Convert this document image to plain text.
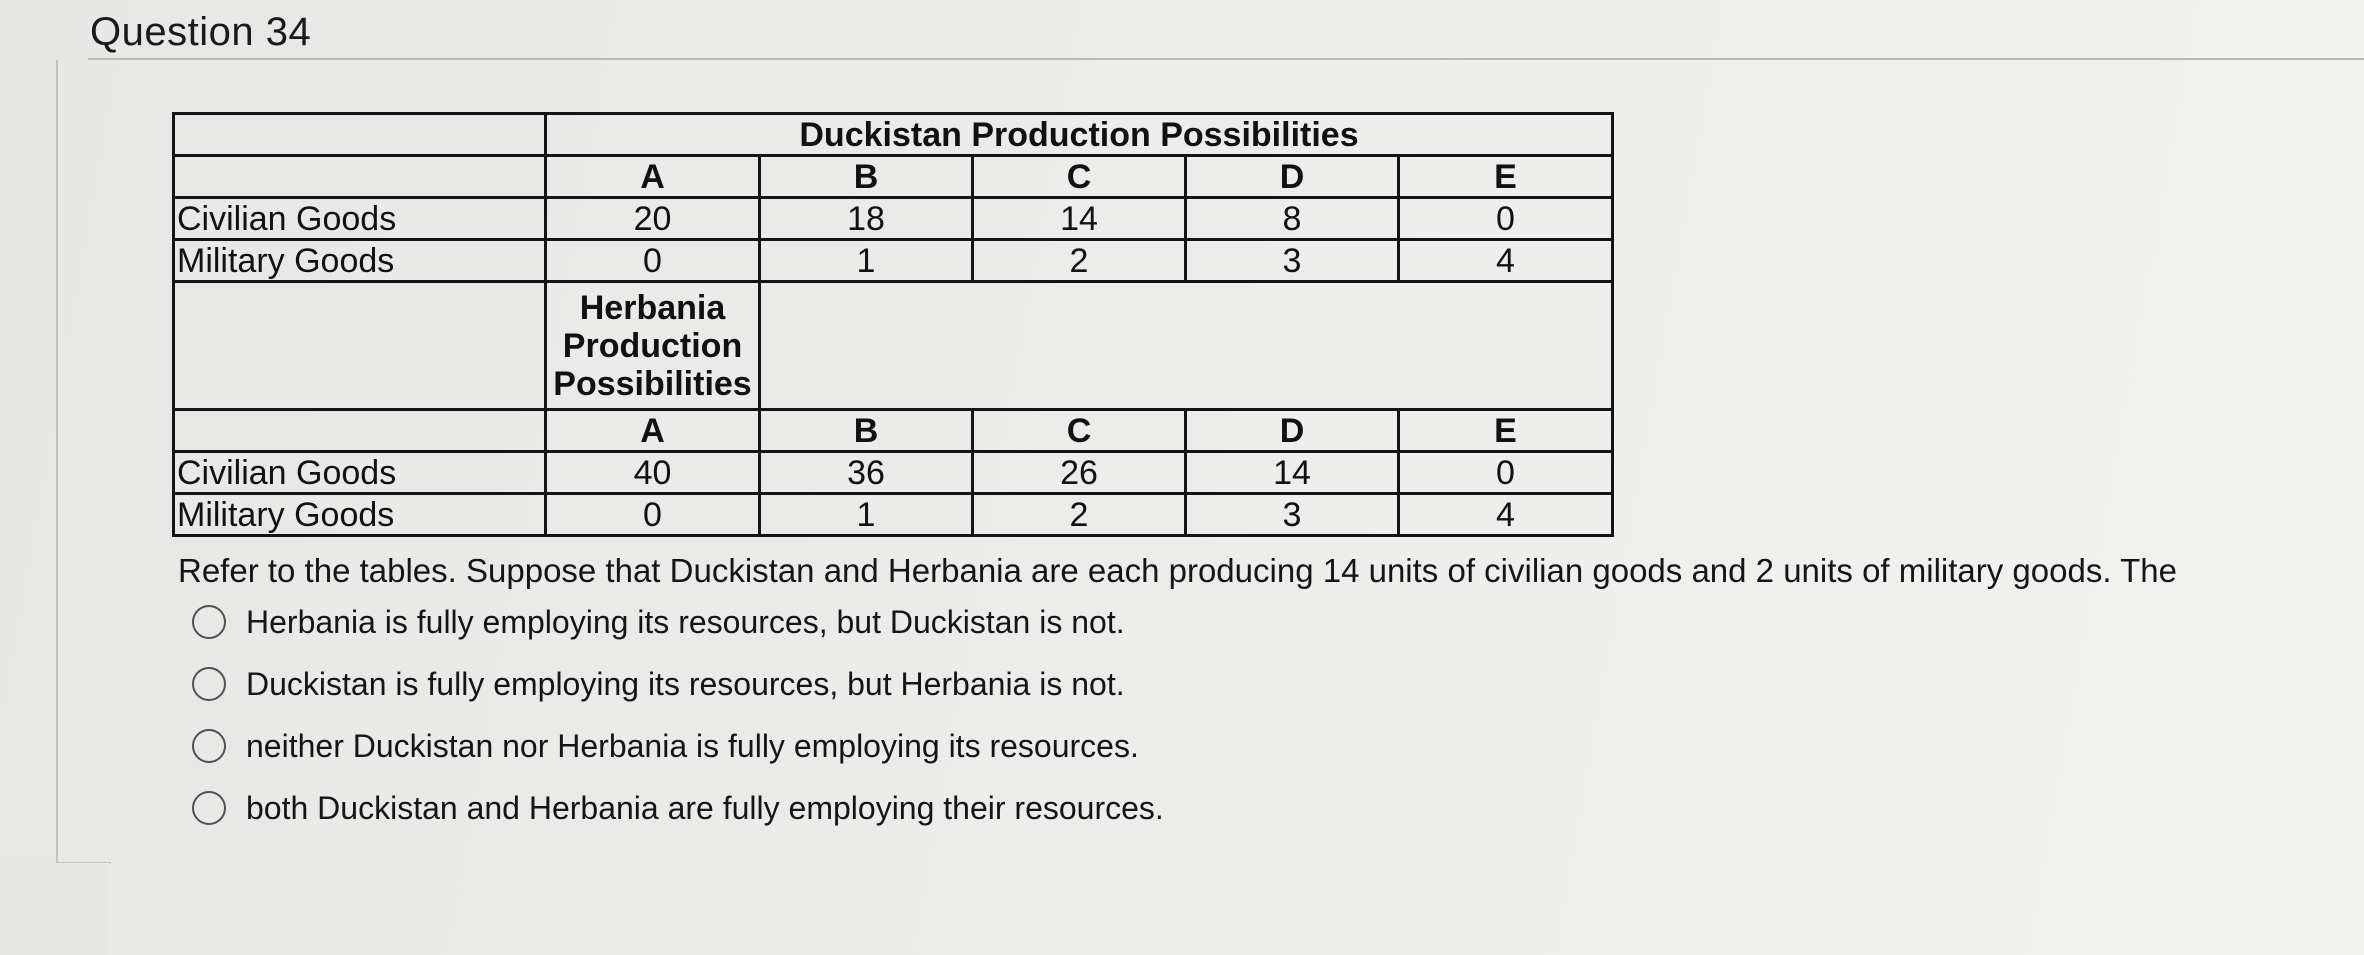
Question 34
	Duckistan Production Possibilities				
	A	B	C	D	E
Civilian Goods	20	18	14	8	0
Military Goods	0	1	2	3	4

	Herbania
Production
Possibilities				

	A	B	C	D	E
Civilian Goods	40	36	26	14	0
Military Goods	0	1	2	3	4
Refer to the tables. Suppose that Duckistan and Herbania are each producing 14 units of civilian goods and 2 units of military goods. The
Herbania is fully employing its resources, but Duckistan is not.
Duckistan is fully employing its resources, but Herbania is not.
neither Duckistan nor Herbania is fully employing its resources.
both Duckistan and Herbania are fully employing their resources.
